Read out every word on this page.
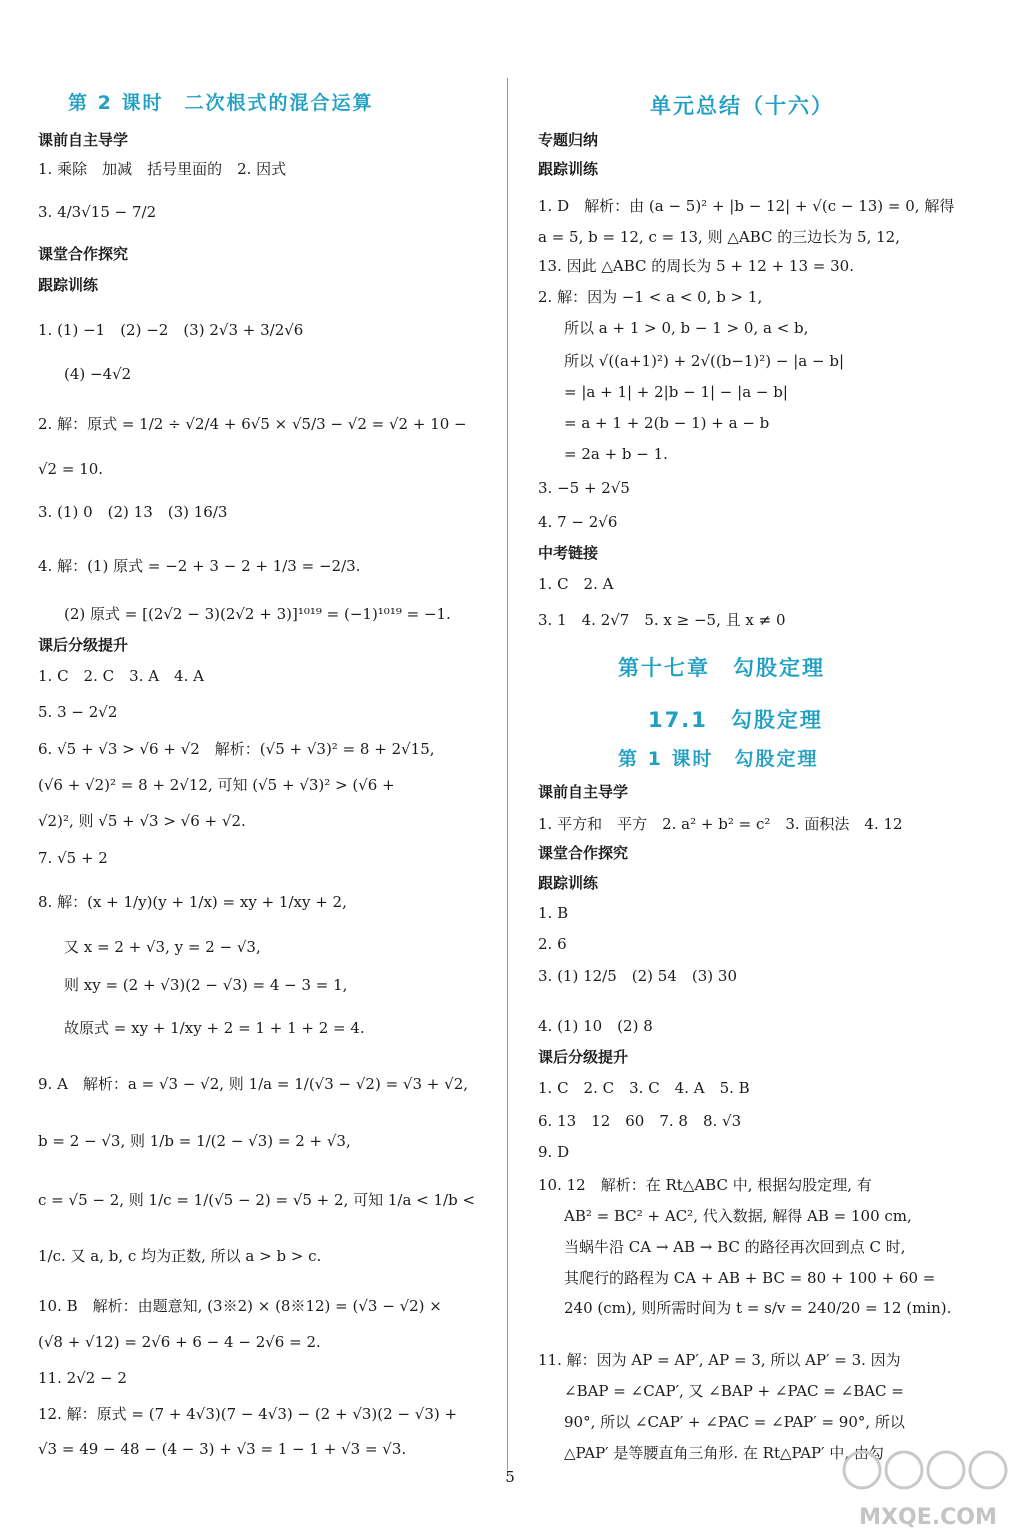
第 2 课时　二次根式的混合运算
课前自主导学
1. 乘除　加减　括号里面的　2. 因式
3. 4/3√15 − 7/2
课堂合作探究
跟踪训练
1. (1) −1　(2) −2　(3) 2√3 + 3/2√6
(4) −4√2
2. 解：原式 = 1/2 ÷ √2/4 + 6√5 × √5/3 − √2 = √2 + 10 −
√2 = 10.
3. (1) 0　(2) 13　(3) 16/3
4. 解：(1) 原式 = −2 + 3 − 2 + 1/3 = −2/3.
(2) 原式 = [(2√2 − 3)(2√2 + 3)]¹⁰¹⁹ = (−1)¹⁰¹⁹ = −1.
课后分级提升
1. C　2. C　3. A　4. A
5. 3 − 2√2
6. √5 + √3 > √6 + √2　解析：(√5 + √3)² = 8 + 2√15,
(√6 + √2)² = 8 + 2√12, 可知 (√5 + √3)² > (√6 +
√2)², 则 √5 + √3 > √6 + √2.
7. √5 + 2
8. 解：(x + 1/y)(y + 1/x) = xy + 1/xy + 2,
又 x = 2 + √3, y = 2 − √3,
则 xy = (2 + √3)(2 − √3) = 4 − 3 = 1,
故原式 = xy + 1/xy + 2 = 1 + 1 + 2 = 4.
9. A　解析：a = √3 − √2, 则 1/a = 1/(√3 − √2) = √3 + √2,
b = 2 − √3, 则 1/b = 1/(2 − √3) = 2 + √3,
c = √5 − 2, 则 1/c = 1/(√5 − 2) = √5 + 2, 可知 1/a < 1/b <
1/c. 又 a, b, c 均为正数, 所以 a > b > c.
10. B　解析：由题意知, (3※2) × (8※12) = (√3 − √2) ×
(√8 + √12) = 2√6 + 6 − 4 − 2√6 = 2.
11. 2√2 − 2
12. 解：原式 = (7 + 4√3)(7 − 4√3) − (2 + √3)(2 − √3) +
√3 = 49 − 48 − (4 − 3) + √3 = 1 − 1 + √3 = √3.
单元总结（十六）
专题归纳
跟踪训练
1. D　解析：由 (a − 5)² + |b − 12| + √(c − 13) = 0, 解得
a = 5, b = 12, c = 13, 则 △ABC 的三边长为 5, 12,
13. 因此 △ABC 的周长为 5 + 12 + 13 = 30.
2. 解：因为 −1 < a < 0, b > 1,
所以 a + 1 > 0, b − 1 > 0, a < b,
所以 √((a+1)²) + 2√((b−1)²) − |a − b|
= |a + 1| + 2|b − 1| − |a − b|
= a + 1 + 2(b − 1) + a − b
= 2a + b − 1.
3. −5 + 2√5
4. 7 − 2√6
中考链接
1. C　2. A
3. 1　4. 2√7　5. x ≥ −5, 且 x ≠ 0
第十七章　勾股定理
17.1　勾股定理
第 1 课时　勾股定理
课前自主导学
1. 平方和　平方　2. a² + b² = c²　3. 面积法　4. 12
课堂合作探究
跟踪训练
1. B
2. 6
3. (1) 12/5　(2) 54　(3) 30
4. (1) 10　(2) 8
课后分级提升
1. C　2. C　3. C　4. A　5. B
6. 13　12　60　7. 8　8. √3
9. D
10. 12　解析：在 Rt△ABC 中, 根据勾股定理, 有
AB² = BC² + AC², 代入数据, 解得 AB = 100 cm,
当蜗牛沿 CA → AB → BC 的路径再次回到点 C 时,
其爬行的路程为 CA + AB + BC = 80 + 100 + 60 =
240 (cm), 则所需时间为 t = s/v = 240/20 = 12 (min).
11. 解：因为 AP = AP′, AP = 3, 所以 AP′ = 3. 因为
∠BAP = ∠CAP′, 又 ∠BAP + ∠PAC = ∠BAC =
90°, 所以 ∠CAP′ + ∠PAC = ∠PAP′ = 90°, 所以
△PAP′ 是等腰直角三角形. 在 Rt△PAP′ 中, 由勾
5
MXQE.COM
